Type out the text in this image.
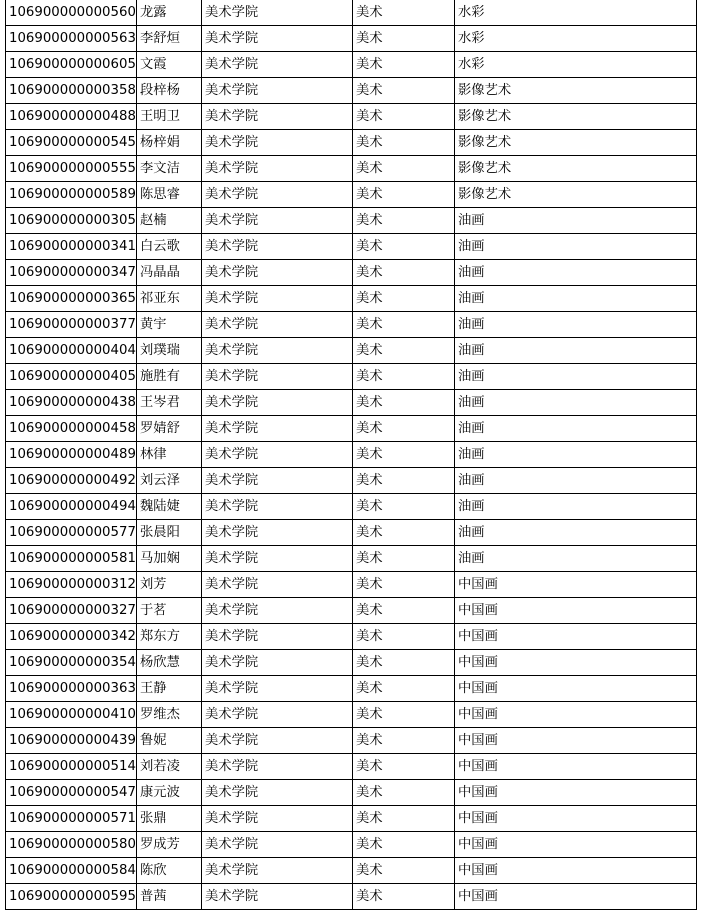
106900000000560	龙露	美术学院	美术	水彩
106900000000563	李舒烜	美术学院	美术	水彩
106900000000605	文霞	美术学院	美术	水彩
106900000000358	段梓杨	美术学院	美术	影像艺术
106900000000488	王明卫	美术学院	美术	影像艺术
106900000000545	杨梓娟	美术学院	美术	影像艺术
106900000000555	李文洁	美术学院	美术	影像艺术
106900000000589	陈思睿	美术学院	美术	影像艺术
106900000000305	赵楠	美术学院	美术	油画
106900000000341	白云歌	美术学院	美术	油画
106900000000347	冯晶晶	美术学院	美术	油画
106900000000365	祁亚东	美术学院	美术	油画
106900000000377	黄宇	美术学院	美术	油画
106900000000404	刘璞瑞	美术学院	美术	油画
106900000000405	施胜有	美术学院	美术	油画
106900000000438	王岑君	美术学院	美术	油画
106900000000458	罗婧舒	美术学院	美术	油画
106900000000489	林律	美术学院	美术	油画
106900000000492	刘云泽	美术学院	美术	油画
106900000000494	魏陆婕	美术学院	美术	油画
106900000000577	张晨阳	美术学院	美术	油画
106900000000581	马加娴	美术学院	美术	油画
106900000000312	刘芳	美术学院	美术	中国画
106900000000327	于茗	美术学院	美术	中国画
106900000000342	郑东方	美术学院	美术	中国画
106900000000354	杨欣慧	美术学院	美术	中国画
106900000000363	王静	美术学院	美术	中国画
106900000000410	罗维杰	美术学院	美术	中国画
106900000000439	鲁妮	美术学院	美术	中国画
106900000000514	刘若凌	美术学院	美术	中国画
106900000000547	康元波	美术学院	美术	中国画
106900000000571	张鼎	美术学院	美术	中国画
106900000000580	罗成芳	美术学院	美术	中国画
106900000000584	陈欣	美术学院	美术	中国画
106900000000595	普茜	美术学院	美术	中国画
